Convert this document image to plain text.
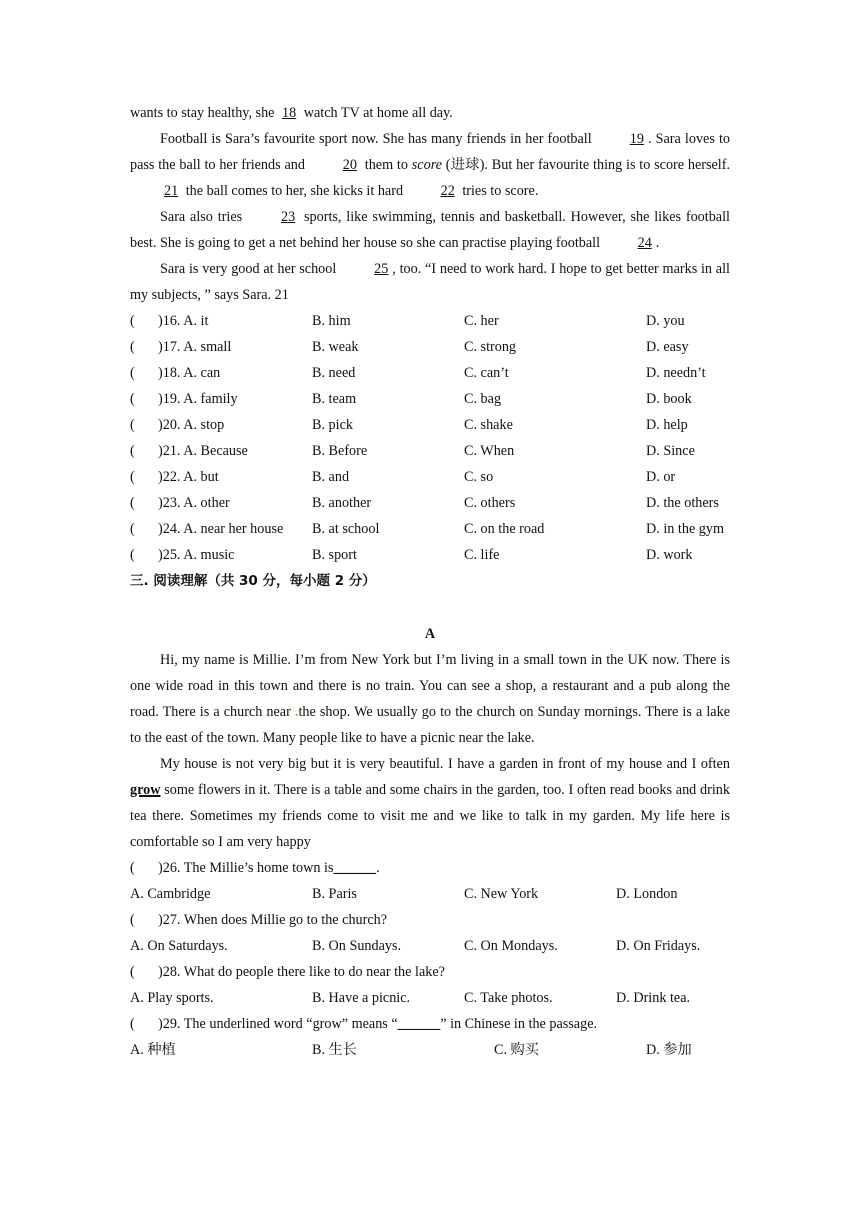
wants to stay healthy, she 18 watch TV at home all day.

Football is Sara’s favourite sport now. She has many friends in her football 19 . Sara loves to pass the ball to her friends and 20 them to score (进球). But her favourite thing is to score herself. 21 the ball comes to her, she kicks it hard 22 tries to score.

Sara also tries 23 sports, like swimming, tennis and basketball. However, she likes football best. She is going to get a net behind her house so she can practise playing football 24 .

Sara is very good at her school 25 , too. “I need to work hard. I hope to get better marks in all my subjects, ” says Sara. 21

( )16. A. it	B. him	C. her	D. you
( )17. A. small	B. weak	C. strong	D. easy
( )18. A. can	B. need	C. can’t	D. needn’t
( )19. A. family	B. team	C. bag	D. book
( )20. A. stop	B. pick	C. shake	D. help
( )21. A. Because	B. Before	C. When	D. Since
( )22. A. but	B. and	C. so	D. or
( )23. A. other	B. another	C. others	D. the others
( )24. A. near her house	B. at school	C. on the road	D. in the gym
( )25. A. music	B. sport	C. life	D. work

三. 阅读理解（共 30 分，每小题 2 分）

A

Hi, my name is Millie. I’m from New York but I’m living in a small town in the UK now. There is one wide road in this town and there is no train. You can see a shop, a restaurant and a pub along the road. There is a church near .the shop. We usually go to the church on Sunday mornings. There is a lake to the east of the town. Many people like to have a picnic near the lake.

My house is not very big but it is very beautiful. I have a garden in front of my house and I often grow some flowers in it. There is a table and some chairs in the garden, too. I often read books and drink tea there. Sometimes my friends come to visit me and we like to talk in my garden. My life here is comfortable so I am very happy

(	)26. The Millie’s home town is ______ .
A. Cambridge	B. Paris	C. New York	D. London
(	)27. When does Millie go to the church?
A. On Saturdays.	B. On Sundays.	C. On Mondays.	D. On Fridays.
(	)28. What do people there like to do near the lake?
A. Play sports.	B. Have a picnic.	C. Take photos.	D. Drink tea.
(	)29. The underlined word “grow” means “ ______ ” in Chinese in the passage.
A. 种植	B. 生长	C. 购买	D. 参加
